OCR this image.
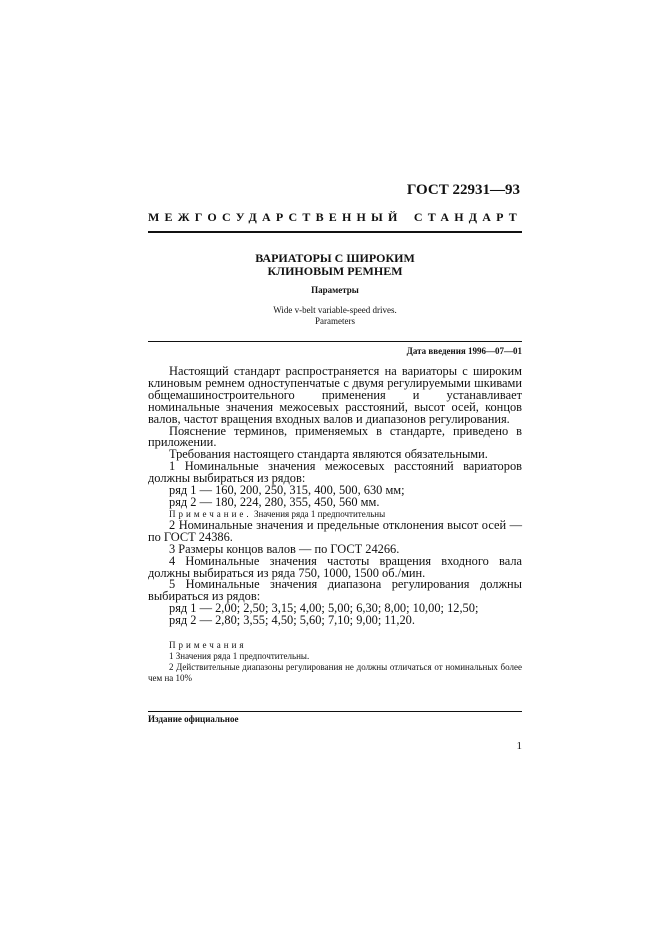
ГОСТ 22931—93
МЕЖГОСУДАРСТВЕННЫЙ СТАНДАРТ
ВАРИАТОРЫ С ШИРОКИМ
КЛИНОВЫМ РЕМНЕМ
Параметры
Wide v-belt variable-speed drives.
Parameters
Дата введения 1996—07—01

Настоящий стандарт распространяется на вариаторы с широким клиновым ремнем одноступенчатые с двумя регулируемыми шкивами общемашиностроительного применения и устанавливает номинальные значения межосевых расстояний, высот осей, концов валов, частот вращения входных валов и диапазонов регулирования.

Пояснение терминов, применяемых в стандарте, приведено в приложении.

Требования настоящего стандарта являются обязательными.

1 Номинальные значения межосевых расстояний вариаторов должны выбираться из рядов:

ряд 1 — 160, 200, 250, 315, 400, 500, 630 мм;

ряд 2 — 180, 224, 280, 355, 450, 560 мм.

Примечание. Значения ряда 1 предпочтительны

2 Номинальные значения и предельные отклонения высот осей — по ГОСТ 24386.

3 Размеры концов валов — по ГОСТ 24266.

4 Номинальные значения частоты вращения входного вала должны выбираться из ряда 750, 1000, 1500 об./мин.

5 Номинальные значения диапазона регулирования должны выбираться из рядов:

ряд 1 — 2,00; 2,50; 3,15; 4,00; 5,00; 6,30; 8,00; 10,00; 12,50;

ряд 2 — 2,80; 3,55; 4,50; 5,60; 7,10; 9,00; 11,20.

Примечания

1 Значения ряда 1 предпочтительны.

2 Действительные диапазоны регулирования не должны отличаться от номинальных более чем на 10%

Издание официальное
1
